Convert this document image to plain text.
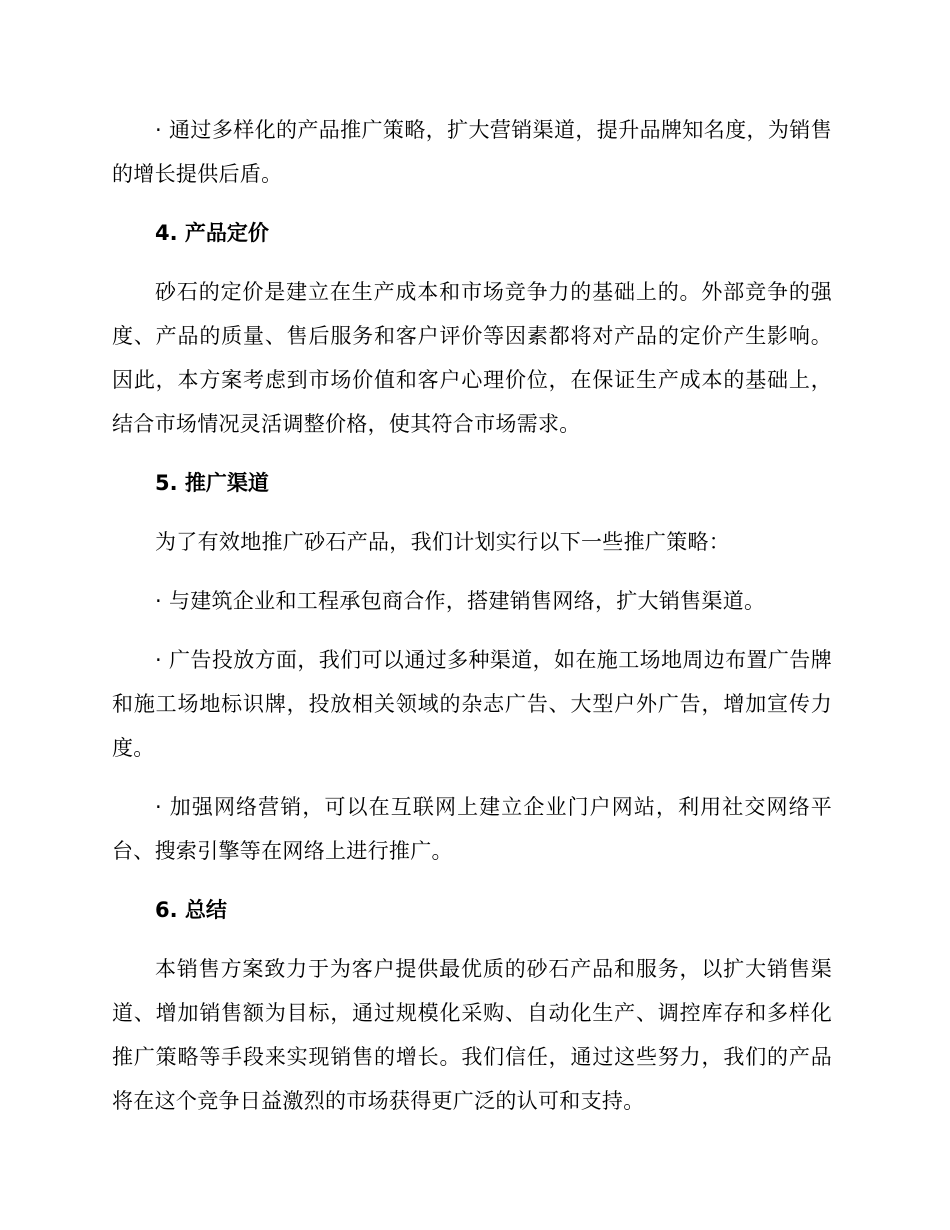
· 通过多样化的产品推广策略，扩大营销渠道，提升品牌知名度，为销售的增长提供后盾。

4. 产品定价

砂石的定价是建立在生产成本和市场竞争力的基础上的。外部竞争的强度、产品的质量、售后服务和客户评价等因素都将对产品的定价产生影响。因此，本方案考虑到市场价值和客户心理价位，在保证生产成本的基础上，结合市场情况灵活调整价格，使其符合市场需求。

5. 推广渠道

为了有效地推广砂石产品，我们计划实行以下一些推广策略：

· 与建筑企业和工程承包商合作，搭建销售网络，扩大销售渠道。

· 广告投放方面，我们可以通过多种渠道，如在施工场地周边布置广告牌和施工场地标识牌，投放相关领域的杂志广告、大型户外广告，增加宣传力度。

· 加强网络营销，可以在互联网上建立企业门户网站，利用社交网络平台、搜索引擎等在网络上进行推广。

6. 总结

本销售方案致力于为客户提供最优质的砂石产品和服务，以扩大销售渠道、增加销售额为目标，通过规模化采购、自动化生产、调控库存和多样化推广策略等手段来实现销售的增长。我们信任，通过这些努力，我们的产品将在这个竞争日益激烈的市场获得更广泛的认可和支持。
